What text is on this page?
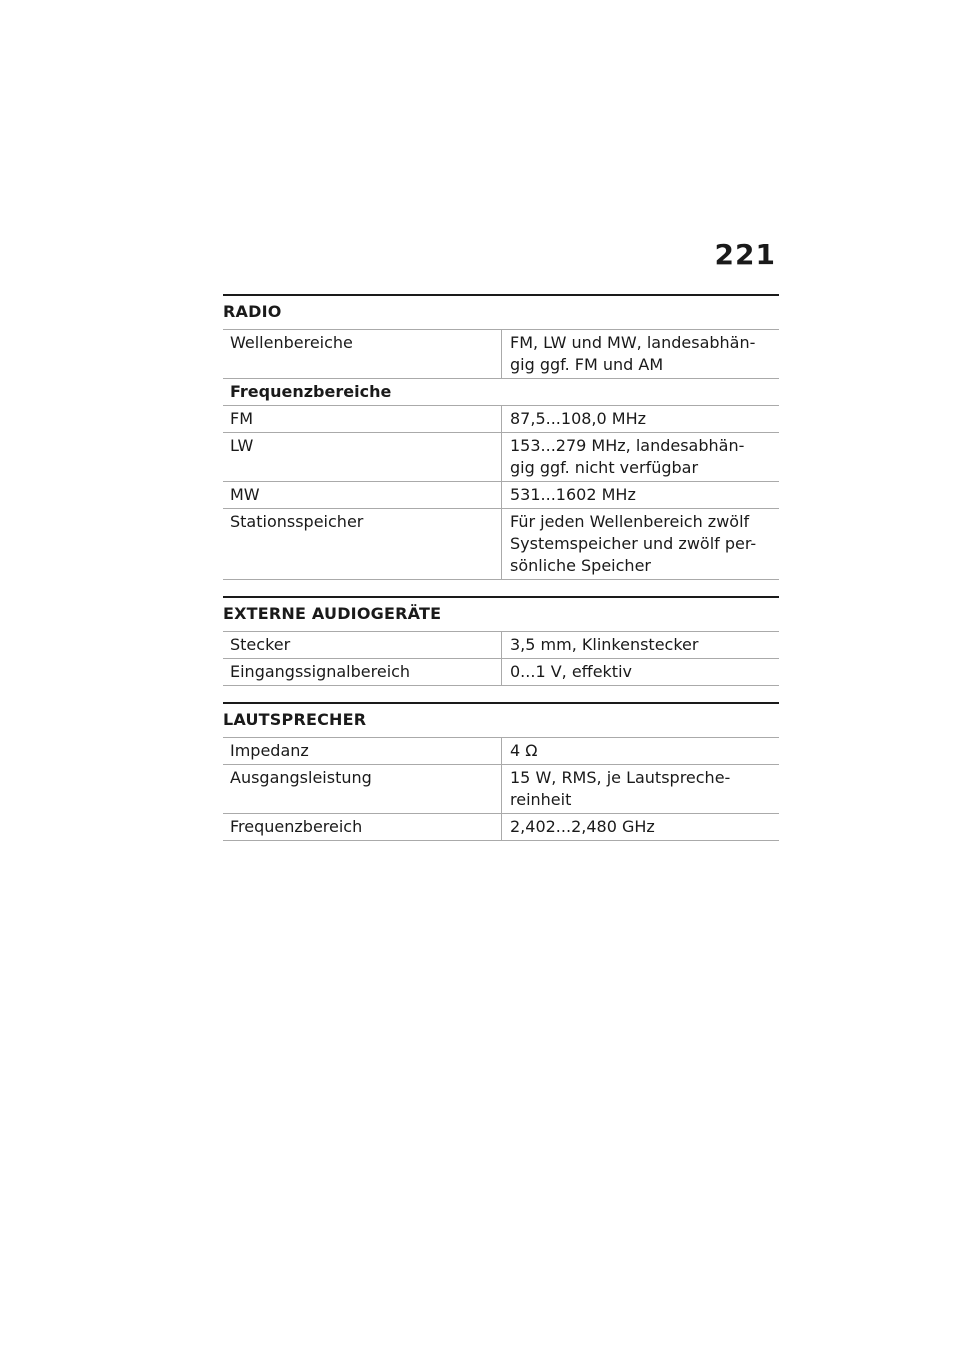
221
RADIO
Wellenbereiche	FM, LW und MW, landesabhän-
gig ggf. FM und AM
Frequenzbereiche	
FM	87,5...108,0 MHz
LW	153...279 MHz, landesabhän-
gig ggf. nicht verfügbar
MW	531...1602 MHz
Stationsspeicher	Für jeden Wellenbereich zwölf
Systemspeicher und zwölf per-
sönliche Speicher
EXTERNE AUDIOGERÄTE
Stecker	3,5 mm, Klinkenstecker
Eingangssignalbereich	0...1 V, effektiv
LAUTSPRECHER
Impedanz	4 Ω
Ausgangsleistung	15 W, RMS, je Lautspreche-
reinheit
Frequenzbereich	2,402...2,480 GHz
